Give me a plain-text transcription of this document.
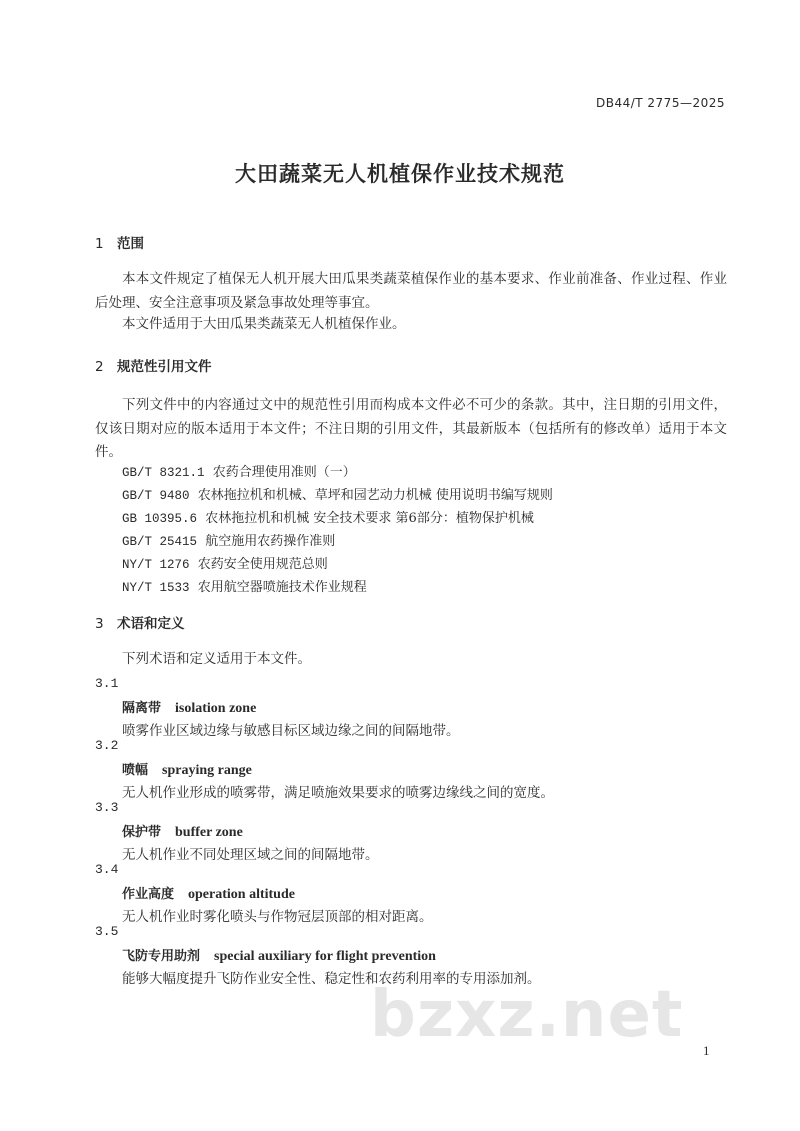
DB44/T 2775—2025
大田蔬菜无人机植保作业技术规范
1 范围
本本文件规定了植保无人机开展大田瓜果类蔬菜植保作业的基本要求、作业前准备、作业过程、作业后处理、安全注意事项及紧急事故处理等事宜。
本文件适用于大田瓜果类蔬菜无人机植保作业。
2 规范性引用文件
下列文件中的内容通过文中的规范性引用而构成本文件必不可少的条款。其中，注日期的引用文件，仅该日期对应的版本适用于本文件；不注日期的引用文件，其最新版本（包括所有的修改单）适用于本文件。
GB/T 8321.1 农药合理使用准则（一）
GB/T 9480 农林拖拉机和机械、草坪和园艺动力机械 使用说明书编写规则
GB 10395.6 农林拖拉机和机械 安全技术要求 第6部分：植物保护机械
GB/T 25415 航空施用农药操作准则
NY/T 1276 农药安全使用规范总则
NY/T 1533 农用航空器喷施技术作业规程
3 术语和定义
下列术语和定义适用于本文件。
3.1
隔离带 isolation zone
喷雾作业区域边缘与敏感目标区域边缘之间的间隔地带。
3.2
喷幅 spraying range
无人机作业形成的喷雾带，满足喷施效果要求的喷雾边缘线之间的宽度。
3.3
保护带 buffer zone
无人机作业不同处理区域之间的间隔地带。
3.4
作业高度 operation altitude
无人机作业时雾化喷头与作物冠层顶部的相对距离。
3.5
飞防专用助剂 special auxiliary for flight prevention
能够大幅度提升飞防作业安全性、稳定性和农药利用率的专用添加剂。
bzxz.net 1
